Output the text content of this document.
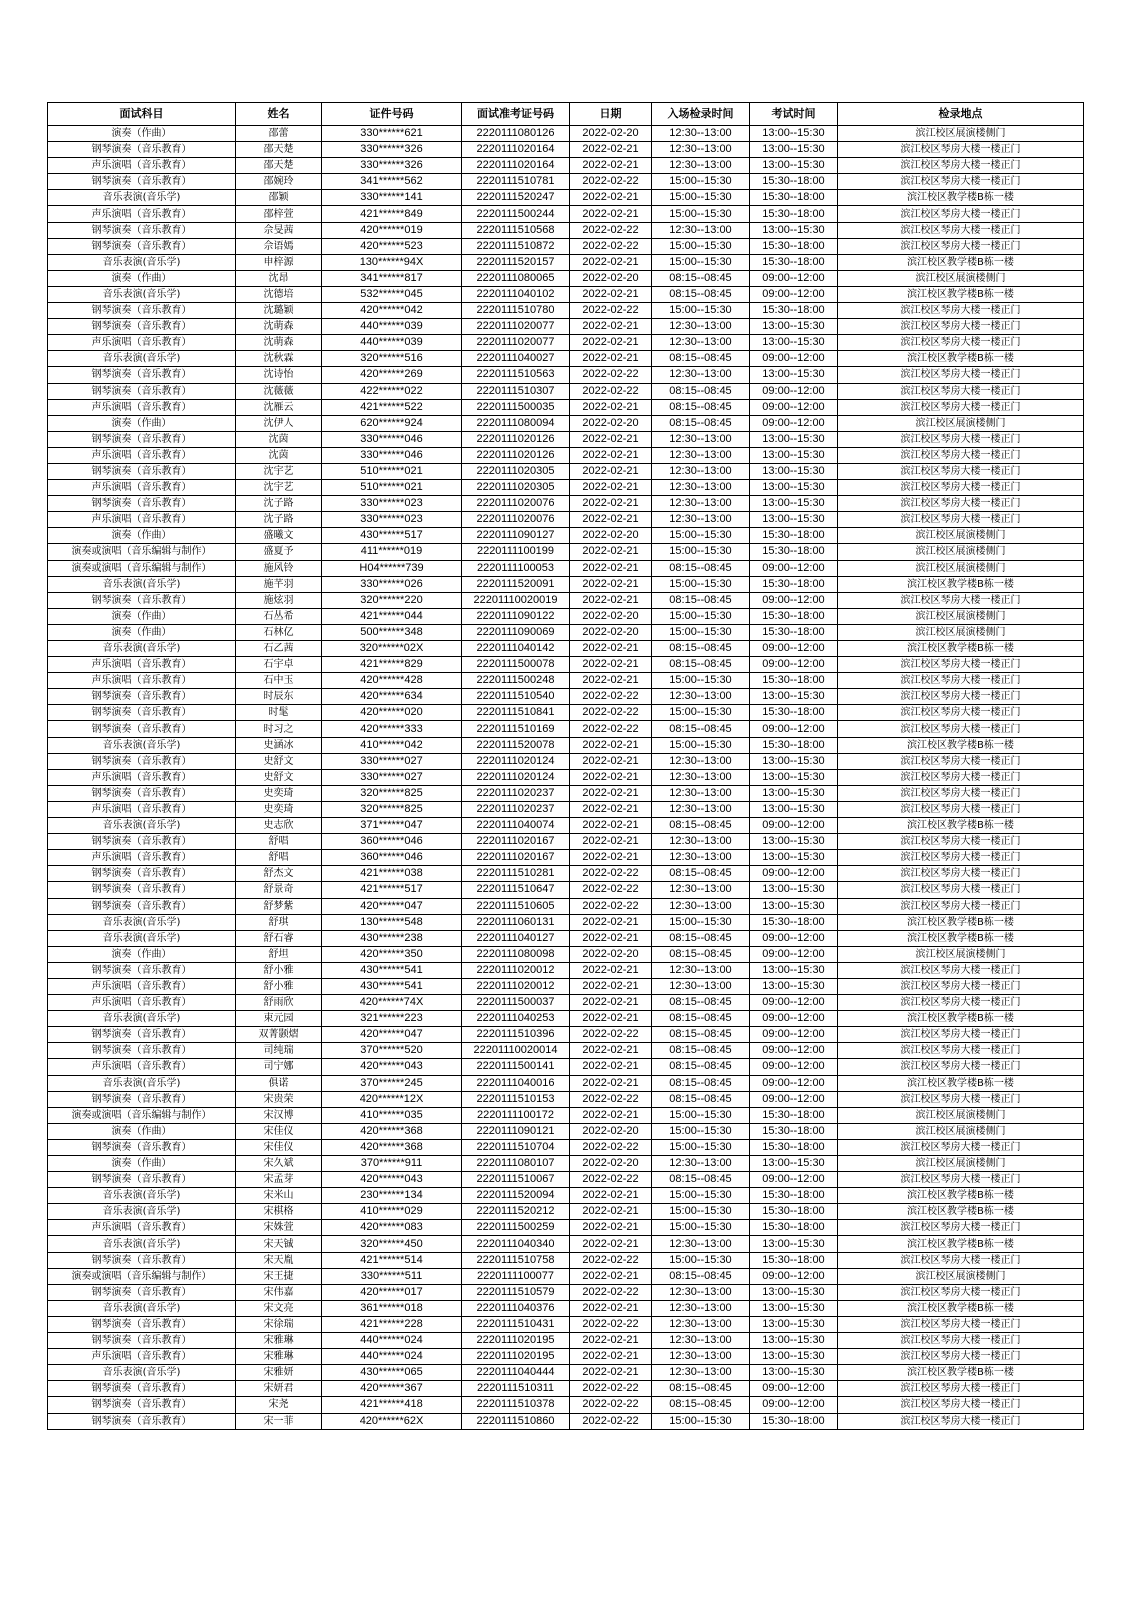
面试科目	姓名	证件号码	面试准考证号码	日期	入场检录时间	考试时间	检录地点
演奏（作曲）	邵蕾	330******621	2220111080126	2022-02-20	12:30--13:00	13:00--15:30	滨江校区展演楼侧门
钢琴演奏（音乐教育）	邵天楚	330******326	2220111020164	2022-02-21	12:30--13:00	13:00--15:30	滨江校区琴房大楼一楼正门
声乐演唱（音乐教育）	邵天楚	330******326	2220111020164	2022-02-21	12:30--13:00	13:00--15:30	滨江校区琴房大楼一楼正门
钢琴演奏（音乐教育）	邵婉玲	341******562	2220111510781	2022-02-22	15:00--15:30	15:30--18:00	滨江校区琴房大楼一楼正门
音乐表演(音乐学)	邵颖	330******141	2220111520247	2022-02-21	15:00--15:30	15:30--18:00	滨江校区教学楼B栋一楼
声乐演唱（音乐教育）	邵梓萱	421******849	2220111500244	2022-02-21	15:00--15:30	15:30--18:00	滨江校区琴房大楼一楼正门
钢琴演奏（音乐教育）	佘旻茜	420******019	2220111510568	2022-02-22	12:30--13:00	13:00--15:30	滨江校区琴房大楼一楼正门
钢琴演奏（音乐教育）	佘语嫣	420******523	2220111510872	2022-02-22	15:00--15:30	15:30--18:00	滨江校区琴房大楼一楼正门
音乐表演(音乐学)	申梓源	130******94X	2220111520157	2022-02-21	15:00--15:30	15:30--18:00	滨江校区教学楼B栋一楼
演奏（作曲）	沈昂	341******817	2220111080065	2022-02-20	08:15--08:45	09:00--12:00	滨江校区展演楼侧门
音乐表演(音乐学)	沈德培	532******045	2220111040102	2022-02-21	08:15--08:45	09:00--12:00	滨江校区教学楼B栋一楼
钢琴演奏（音乐教育）	沈璐颖	420******042	2220111510780	2022-02-22	15:00--15:30	15:30--18:00	滨江校区琴房大楼一楼正门
钢琴演奏（音乐教育）	沈萌森	440******039	2220111020077	2022-02-21	12:30--13:00	13:00--15:30	滨江校区琴房大楼一楼正门
声乐演唱（音乐教育）	沈萌森	440******039	2220111020077	2022-02-21	12:30--13:00	13:00--15:30	滨江校区琴房大楼一楼正门
音乐表演(音乐学)	沈秋霖	320******516	2220111040027	2022-02-21	08:15--08:45	09:00--12:00	滨江校区教学楼B栋一楼
钢琴演奏（音乐教育）	沈诗怡	420******269	2220111510563	2022-02-22	12:30--13:00	13:00--15:30	滨江校区琴房大楼一楼正门
钢琴演奏（音乐教育）	沈薇薇	422******022	2220111510307	2022-02-22	08:15--08:45	09:00--12:00	滨江校区琴房大楼一楼正门
声乐演唱（音乐教育）	沈雁云	421******522	2220111500035	2022-02-21	08:15--08:45	09:00--12:00	滨江校区琴房大楼一楼正门
演奏（作曲）	沈伊人	620******924	2220111080094	2022-02-20	08:15--08:45	09:00--12:00	滨江校区展演楼侧门
钢琴演奏（音乐教育）	沈茵	330******046	2220111020126	2022-02-21	12:30--13:00	13:00--15:30	滨江校区琴房大楼一楼正门
声乐演唱（音乐教育）	沈茵	330******046	2220111020126	2022-02-21	12:30--13:00	13:00--15:30	滨江校区琴房大楼一楼正门
钢琴演奏（音乐教育）	沈宇艺	510******021	2220111020305	2022-02-21	12:30--13:00	13:00--15:30	滨江校区琴房大楼一楼正门
声乐演唱（音乐教育）	沈宇艺	510******021	2220111020305	2022-02-21	12:30--13:00	13:00--15:30	滨江校区琴房大楼一楼正门
钢琴演奏（音乐教育）	沈子路	330******023	2220111020076	2022-02-21	12:30--13:00	13:00--15:30	滨江校区琴房大楼一楼正门
声乐演唱（音乐教育）	沈子路	330******023	2220111020076	2022-02-21	12:30--13:00	13:00--15:30	滨江校区琴房大楼一楼正门
演奏（作曲）	盛曦文	430******517	2220111090127	2022-02-20	15:00--15:30	15:30--18:00	滨江校区展演楼侧门
演奏或演唱（音乐编辑与制作）	盛夏予	411******019	2220111100199	2022-02-21	15:00--15:30	15:30--18:00	滨江校区展演楼侧门
演奏或演唱（音乐编辑与制作）	施风铃	H04******739	2220111100053	2022-02-21	08:15--08:45	09:00--12:00	滨江校区展演楼侧门
音乐表演(音乐学)	施芊羽	330******026	2220111520091	2022-02-21	15:00--15:30	15:30--18:00	滨江校区教学楼B栋一楼
钢琴演奏（音乐教育）	施炫羽	320******220	22201110020019	2022-02-21	08:15--08:45	09:00--12:00	滨江校区琴房大楼一楼正门
演奏（作曲）	石丛希	421******044	2220111090122	2022-02-20	15:00--15:30	15:30--18:00	滨江校区展演楼侧门
演奏（作曲）	石林亿	500******348	2220111090069	2022-02-20	15:00--15:30	15:30--18:00	滨江校区展演楼侧门
音乐表演(音乐学)	石乙茜	320******02X	2220111040142	2022-02-21	08:15--08:45	09:00--12:00	滨江校区教学楼B栋一楼
声乐演唱（音乐教育）	石宇卓	421******829	2220111500078	2022-02-21	08:15--08:45	09:00--12:00	滨江校区琴房大楼一楼正门
声乐演唱（音乐教育）	石中玉	420******428	2220111500248	2022-02-21	15:00--15:30	15:30--18:00	滨江校区琴房大楼一楼正门
钢琴演奏（音乐教育）	时辰东	420******634	2220111510540	2022-02-22	12:30--13:00	13:00--15:30	滨江校区琴房大楼一楼正门
钢琴演奏（音乐教育）	时髦	420******020	2220111510841	2022-02-22	15:00--15:30	15:30--18:00	滨江校区琴房大楼一楼正门
钢琴演奏（音乐教育）	时习之	420******333	2220111510169	2022-02-22	08:15--08:45	09:00--12:00	滨江校区琴房大楼一楼正门
音乐表演(音乐学)	史涵冰	410******042	2220111520078	2022-02-21	15:00--15:30	15:30--18:00	滨江校区教学楼B栋一楼
钢琴演奏（音乐教育）	史舒文	330******027	2220111020124	2022-02-21	12:30--13:00	13:00--15:30	滨江校区琴房大楼一楼正门
声乐演唱（音乐教育）	史舒文	330******027	2220111020124	2022-02-21	12:30--13:00	13:00--15:30	滨江校区琴房大楼一楼正门
钢琴演奏（音乐教育）	史奕琦	320******825	2220111020237	2022-02-21	12:30--13:00	13:00--15:30	滨江校区琴房大楼一楼正门
声乐演唱（音乐教育）	史奕琦	320******825	2220111020237	2022-02-21	12:30--13:00	13:00--15:30	滨江校区琴房大楼一楼正门
音乐表演(音乐学)	史志欣	371******047	2220111040074	2022-02-21	08:15--08:45	09:00--12:00	滨江校区教学楼B栋一楼
钢琴演奏（音乐教育）	舒唱	360******046	2220111020167	2022-02-21	12:30--13:00	13:00--15:30	滨江校区琴房大楼一楼正门
声乐演唱（音乐教育）	舒唱	360******046	2220111020167	2022-02-21	12:30--13:00	13:00--15:30	滨江校区琴房大楼一楼正门
钢琴演奏（音乐教育）	舒杰文	421******038	2220111510281	2022-02-22	08:15--08:45	09:00--12:00	滨江校区琴房大楼一楼正门
钢琴演奏（音乐教育）	舒景奇	421******517	2220111510647	2022-02-22	12:30--13:00	13:00--15:30	滨江校区琴房大楼一楼正门
钢琴演奏（音乐教育）	舒梦紫	420******047	2220111510605	2022-02-22	12:30--13:00	13:00--15:30	滨江校区琴房大楼一楼正门
音乐表演(音乐学)	舒琪	130******548	2220111060131	2022-02-21	15:00--15:30	15:30--18:00	滨江校区教学楼B栋一楼
音乐表演(音乐学)	舒石睿	430******238	2220111040127	2022-02-21	08:15--08:45	09:00--12:00	滨江校区教学楼B栋一楼
演奏（作曲）	舒坦	420******350	2220111080098	2022-02-20	08:15--08:45	09:00--12:00	滨江校区展演楼侧门
钢琴演奏（音乐教育）	舒小雅	430******541	2220111020012	2022-02-21	12:30--13:00	13:00--15:30	滨江校区琴房大楼一楼正门
声乐演唱（音乐教育）	舒小雅	430******541	2220111020012	2022-02-21	12:30--13:00	13:00--15:30	滨江校区琴房大楼一楼正门
声乐演唱（音乐教育）	舒雨欣	420******74X	2220111500037	2022-02-21	08:15--08:45	09:00--12:00	滨江校区琴房大楼一楼正门
音乐表演(音乐学)	束元园	321******223	2220111040253	2022-02-21	08:15--08:45	09:00--12:00	滨江校区教学楼B栋一楼
钢琴演奏（音乐教育）	双菁颢熠	420******047	2220111510396	2022-02-22	08:15--08:45	09:00--12:00	滨江校区琴房大楼一楼正门
钢琴演奏（音乐教育）	司纯瑞	370******520	22201110020014	2022-02-21	08:15--08:45	09:00--12:00	滨江校区琴房大楼一楼正门
声乐演唱（音乐教育）	司宁娜	420******043	2220111500141	2022-02-21	08:15--08:45	09:00--12:00	滨江校区琴房大楼一楼正门
音乐表演(音乐学)	俱诺	370******245	2220111040016	2022-02-21	08:15--08:45	09:00--12:00	滨江校区教学楼B栋一楼
钢琴演奏（音乐教育）	宋贵荣	420******12X	2220111510153	2022-02-22	08:15--08:45	09:00--12:00	滨江校区琴房大楼一楼正门
演奏或演唱（音乐编辑与制作）	宋汉博	410******035	2220111100172	2022-02-21	15:00--15:30	15:30--18:00	滨江校区展演楼侧门
演奏（作曲）	宋佳仪	420******368	2220111090121	2022-02-20	15:00--15:30	15:30--18:00	滨江校区展演楼侧门
钢琴演奏（音乐教育）	宋佳仪	420******368	2220111510704	2022-02-22	15:00--15:30	15:30--18:00	滨江校区琴房大楼一楼正门
演奏（作曲）	宋久斌	370******911	2220111080107	2022-02-20	12:30--13:00	13:00--15:30	滨江校区展演楼侧门
钢琴演奏（音乐教育）	宋孟芽	420******043	2220111510067	2022-02-22	08:15--08:45	09:00--12:00	滨江校区琴房大楼一楼正门
音乐表演(音乐学)	宋米山	230******134	2220111520094	2022-02-21	15:00--15:30	15:30--18:00	滨江校区教学楼B栋一楼
音乐表演(音乐学)	宋棋格	410******029	2220111520212	2022-02-21	15:00--15:30	15:30--18:00	滨江校区教学楼B栋一楼
声乐演唱（音乐教育）	宋姝萱	420******083	2220111500259	2022-02-21	15:00--15:30	15:30--18:00	滨江校区琴房大楼一楼正门
音乐表演(音乐学)	宋天铖	320******450	2220111040340	2022-02-21	12:30--13:00	13:00--15:30	滨江校区教学楼B栋一楼
钢琴演奏（音乐教育）	宋天胤	421******514	2220111510758	2022-02-22	15:00--15:30	15:30--18:00	滨江校区琴房大楼一楼正门
演奏或演唱（音乐编辑与制作）	宋王捷	330******511	2220111100077	2022-02-21	08:15--08:45	09:00--12:00	滨江校区展演楼侧门
钢琴演奏（音乐教育）	宋伟嘉	420******017	2220111510579	2022-02-22	12:30--13:00	13:00--15:30	滨江校区琴房大楼一楼正门
音乐表演(音乐学)	宋文亮	361******018	2220111040376	2022-02-21	12:30--13:00	13:00--15:30	滨江校区教学楼B栋一楼
钢琴演奏（音乐教育）	宋徐瑞	421******228	2220111510431	2022-02-22	12:30--13:00	13:00--15:30	滨江校区琴房大楼一楼正门
钢琴演奏（音乐教育）	宋雅琳	440******024	2220111020195	2022-02-21	12:30--13:00	13:00--15:30	滨江校区琴房大楼一楼正门
声乐演唱（音乐教育）	宋雅琳	440******024	2220111020195	2022-02-21	12:30--13:00	13:00--15:30	滨江校区琴房大楼一楼正门
音乐表演(音乐学)	宋雅妍	430******065	2220111040444	2022-02-21	12:30--13:00	13:00--15:30	滨江校区教学楼B栋一楼
钢琴演奏（音乐教育）	宋妍君	420******367	2220111510311	2022-02-22	08:15--08:45	09:00--12:00	滨江校区琴房大楼一楼正门
钢琴演奏（音乐教育）	宋尧	421******418	2220111510378	2022-02-22	08:15--08:45	09:00--12:00	滨江校区琴房大楼一楼正门
钢琴演奏（音乐教育）	宋一菲	420******62X	2220111510860	2022-02-22	15:00--15:30	15:30--18:00	滨江校区琴房大楼一楼正门
